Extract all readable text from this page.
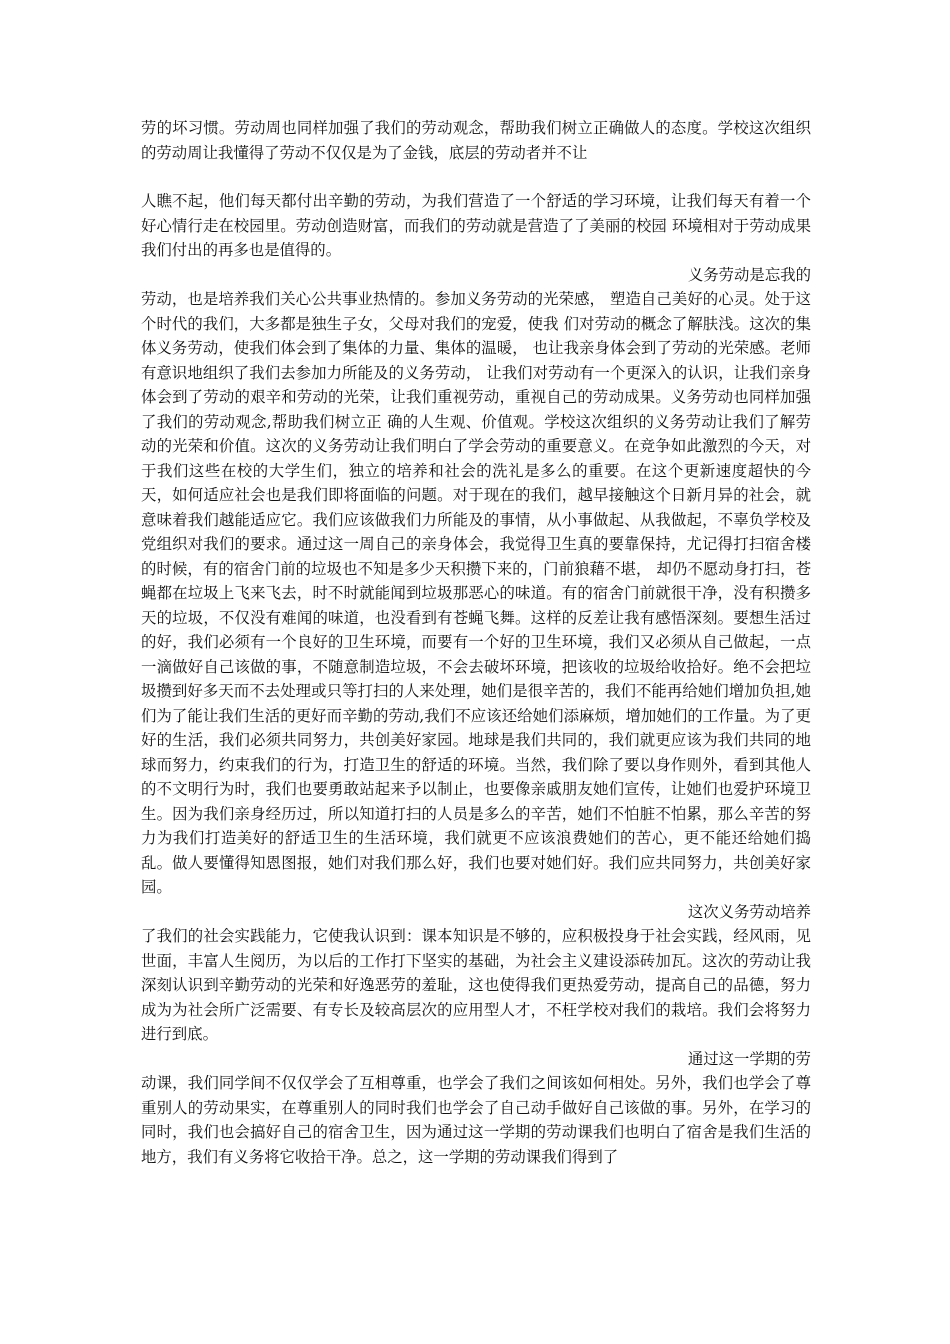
劳的坏习惯。劳动周也同样加强了我们的劳动观念，帮助我们树立正确做人的态度。学校这次组织的劳动周让我懂得了劳动不仅仅是为了金钱，底层的劳动者并不让

人瞧不起，他们每天都付出辛勤的劳动，为我们营造了一个舒适的学习环境，让我们每天有着一个好心情行走在校园里。劳动创造财富，而我们的劳动就是营造了了美丽的校园 环境相对于劳动成果我们付出的再多也是值得的。

义务劳动是忘我的

劳动，也是培养我们关心公共事业热情的。参加义务劳动的光荣感， 塑造自己美好的心灵。处于这个时代的我们，大多都是独生子女，父母对我们的宠爱，使我 们对劳动的概念了解肤浅。这次的集体义务劳动，使我们体会到了集体的力量、集体的温暖， 也让我亲身体会到了劳动的光荣感。老师有意识地组织了我们去参加力所能及的义务劳动， 让我们对劳动有一个更深入的认识，让我们亲身体会到了劳动的艰辛和劳动的光荣，让我们重视劳动，重视自己的劳动成果。义务劳动也同样加强了我们的劳动观念,帮助我们树立正 确的人生观、价值观。学校这次组织的义务劳动让我们了解劳动的光荣和价值。这次的义务劳动让我们明白了学会劳动的重要意义。在竞争如此激烈的今天，对于我们这些在校的大学生们，独立的培养和社会的洗礼是多么的重要。在这个更新速度超快的今天，如何适应社会也是我们即将面临的问题。对于现在的我们，越早接触这个日新月异的社会，就意味着我们越能适应它。我们应该做我们力所能及的事情，从小事做起、从我做起，不辜负学校及党组织对我们的要求。通过这一周自己的亲身体会，我觉得卫生真的要靠保持，尤记得打扫宿舍楼的时候，有的宿舍门前的垃圾也不知是多少天积攒下来的，门前狼藉不堪， 却仍不愿动身打扫，苍蝇都在垃圾上飞来飞去，时不时就能闻到垃圾那恶心的味道。有的宿舍门前就很干净，没有积攒多天的垃圾，不仅没有难闻的味道，也没看到有苍蝇飞舞。这样的反差让我有感悟深刻。要想生活过的好，我们必须有一个良好的卫生环境，而要有一个好的卫生环境，我们又必须从自己做起，一点一滴做好自己该做的事，不随意制造垃圾，不会去破坏环境，把该收的垃圾给收拾好。绝不会把垃圾攒到好多天而不去处理或只等打扫的人来处理，她们是很辛苦的，我们不能再给她们增加负担,她们为了能让我们生活的更好而辛勤的劳动,我们不应该还给她们添麻烦，增加她们的工作量。为了更好的生活，我们必须共同努力，共创美好家园。地球是我们共同的，我们就更应该为我们共同的地球而努力，约束我们的行为，打造卫生的舒适的环境。当然，我们除了要以身作则外，看到其他人的不文明行为时，我们也要勇敢站起来予以制止，也要像亲戚朋友她们宣传，让她们也爱护环境卫生。因为我们亲身经历过，所以知道打扫的人员是多么的辛苦，她们不怕脏不怕累，那么辛苦的努力为我们打造美好的舒适卫生的生活环境，我们就更不应该浪费她们的苦心，更不能还给她们捣乱。做人要懂得知恩图报，她们对我们那么好，我们也要对她们好。我们应共同努力，共创美好家园。

这次义务劳动培养

了我们的社会实践能力，它使我认识到：课本知识是不够的，应积极投身于社会实践，经风雨，见世面，丰富人生阅历，为以后的工作打下坚实的基础，为社会主义建设添砖加瓦。这次的劳动让我深刻认识到辛勤劳动的光荣和好逸恶劳的羞耻，这也使得我们更热爱劳动，提高自己的品德，努力成为为社会所广泛需要、有专长及较高层次的应用型人才，不枉学校对我们的栽培。我们会将努力进行到底。

通过这一学期的劳

动课，我们同学间不仅仅学会了互相尊重，也学会了我们之间该如何相处。另外，我们也学会了尊重别人的劳动果实，在尊重别人的同时我们也学会了自己动手做好自己该做的事。另外，在学习的同时，我们也会搞好自己的宿舍卫生，因为通过这一学期的劳动课我们也明白了宿舍是我们生活的地方，我们有义务将它收拾干净。总之，这一学期的劳动课我们得到了
